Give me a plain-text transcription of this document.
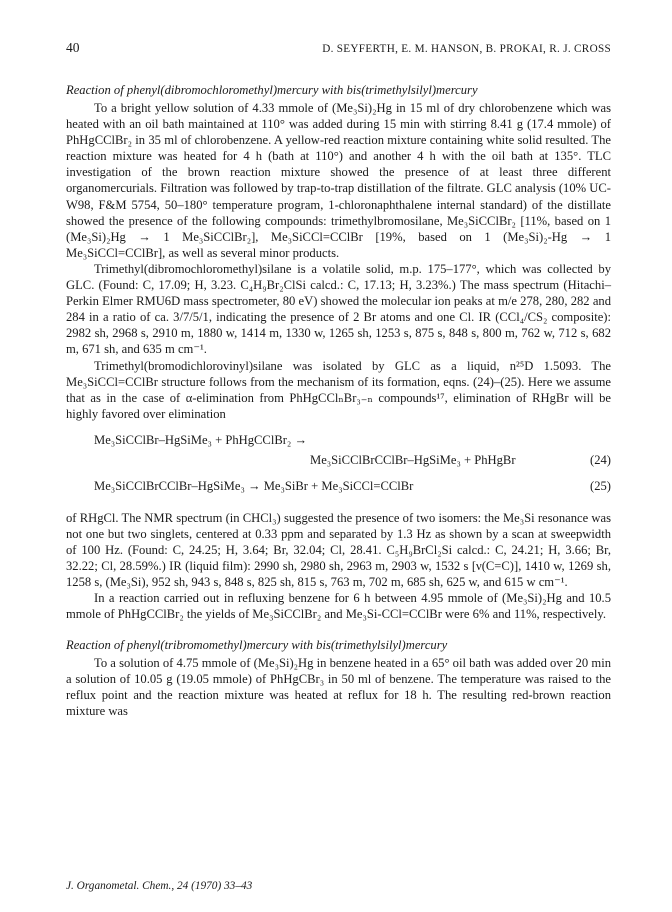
40	D. SEYFERTH, E. M. HANSON, B. PROKAI, R. J. CROSS
Reaction of phenyl(dibromochloromethyl)mercury with bis(trimethylsilyl)mercury

To a bright yellow solution of 4.33 mmole of (Me₃Si)₂Hg in 15 ml of dry chlorobenzene which was heated with an oil bath maintained at 110° was added during 15 min with stirring 8.41 g (17.4 mmole) of PhHgCClBr₂ in 35 ml of chlorobenzene. A yellow-red reaction mixture containing white solid resulted. The reaction mixture was heated for 4 h (bath at 110°) and another 4 h with the oil bath at 135°. TLC investigation of the brown reaction mixture showed the presence of at least three different organomercurials. Filtration was followed by trap-to-trap distillation of the filtrate. GLC analysis (10% UC-W98, F&M 5754, 50–180° temperature program, 1-chloronaphthalene internal standard) of the distillate showed the presence of the following compounds: trimethylbromosilane, Me₃SiCClBr₂ [11%, based on 1 (Me₃Si)₂Hg → 1 Me₃SiCClBr₂], Me₃SiCCl=CClBr [19%, based on 1 (Me₃Si)₂-Hg → 1 Me₃SiCCl=CClBr], as well as several minor products.

Trimethyl(dibromochloromethyl)silane is a volatile solid, m.p. 175–177°, which was collected by GLC. (Found: C, 17.09; H, 3.23. C₄H₉Br₂ClSi calcd.: C, 17.13; H, 3.23%.) The mass spectrum (Hitachi–Perkin Elmer RMU6D mass spectrometer, 80 eV) showed the molecular ion peaks at m/e 278, 280, 282 and 284 in a ratio of ca. 3/7/5/1, indicating the presence of 2 Br atoms and one Cl. IR (CCl₄/CS₂ composite): 2982 sh, 2968 s, 2910 m, 1880 w, 1414 m, 1330 w, 1265 sh, 1253 s, 875 s, 848 s, 800 m, 762 w, 712 s, 682 m, 671 sh, and 635 m cm⁻¹.

Trimethyl(bromodichlorovinyl)silane was isolated by GLC as a liquid, n²⁵D 1.5093. The Me₃SiCCl=CClBr structure follows from the mechanism of its formation, eqns. (24)–(25). Here we assume that as in the case of α-elimination from PhHgCClₙBr₃₋ₙ compounds¹⁷, elimination of RHgBr will be highly favored over elimination

Me₃SiCClBr–HgSiMe₃ + PhHgCClBr₂ →
Me₃SiCClBrCClBr–HgSiMe₃ + PhHgBr	(24)
Me₃SiCClBrCClBr–HgSiMe₃ → Me₃SiBr + Me₃SiCCl=CClBr	(25)

of RHgCl. The NMR spectrum (in CHCl₃) suggested the presence of two isomers: the Me₃Si resonance was not one but two singlets, centered at 0.33 ppm and separated by 1.3 Hz as shown by a scan at sweepwidth of 100 Hz. (Found: C, 24.25; H, 3.64; Br, 32.04; Cl, 28.41. C₅H₉BrCl₂Si calcd.: C, 24.21; H, 3.66; Br, 32.22; Cl, 28.59%.) IR (liquid film): 2990 sh, 2980 sh, 2963 m, 2903 w, 1532 s [ν(C=C)], 1410 w, 1269 sh, 1258 s, (Me₃Si), 952 sh, 943 s, 848 s, 825 sh, 815 s, 763 m, 702 m, 685 sh, 625 w, and 615 w cm⁻¹.

In a reaction carried out in refluxing benzene for 6 h between 4.95 mmole of (Me₃Si)₂Hg and 10.5 mmole of PhHgCClBr₂ the yields of Me₃SiCClBr₂ and Me₃Si-CCl=CClBr were 6% and 11%, respectively.

Reaction of phenyl(tribromomethyl)mercury with bis(trimethylsilyl)mercury

To a solution of 4.75 mmole of (Me₃Si)₂Hg in benzene heated in a 65° oil bath was added over 20 min a solution of 10.05 g (19.05 mmole) of PhHgCBr₃ in 50 ml of benzene. The temperature was raised to the reflux point and the reaction mixture was heated at reflux for 18 h. The resulting red-brown reaction mixture was

J. Organometal. Chem., 24 (1970) 33–43
